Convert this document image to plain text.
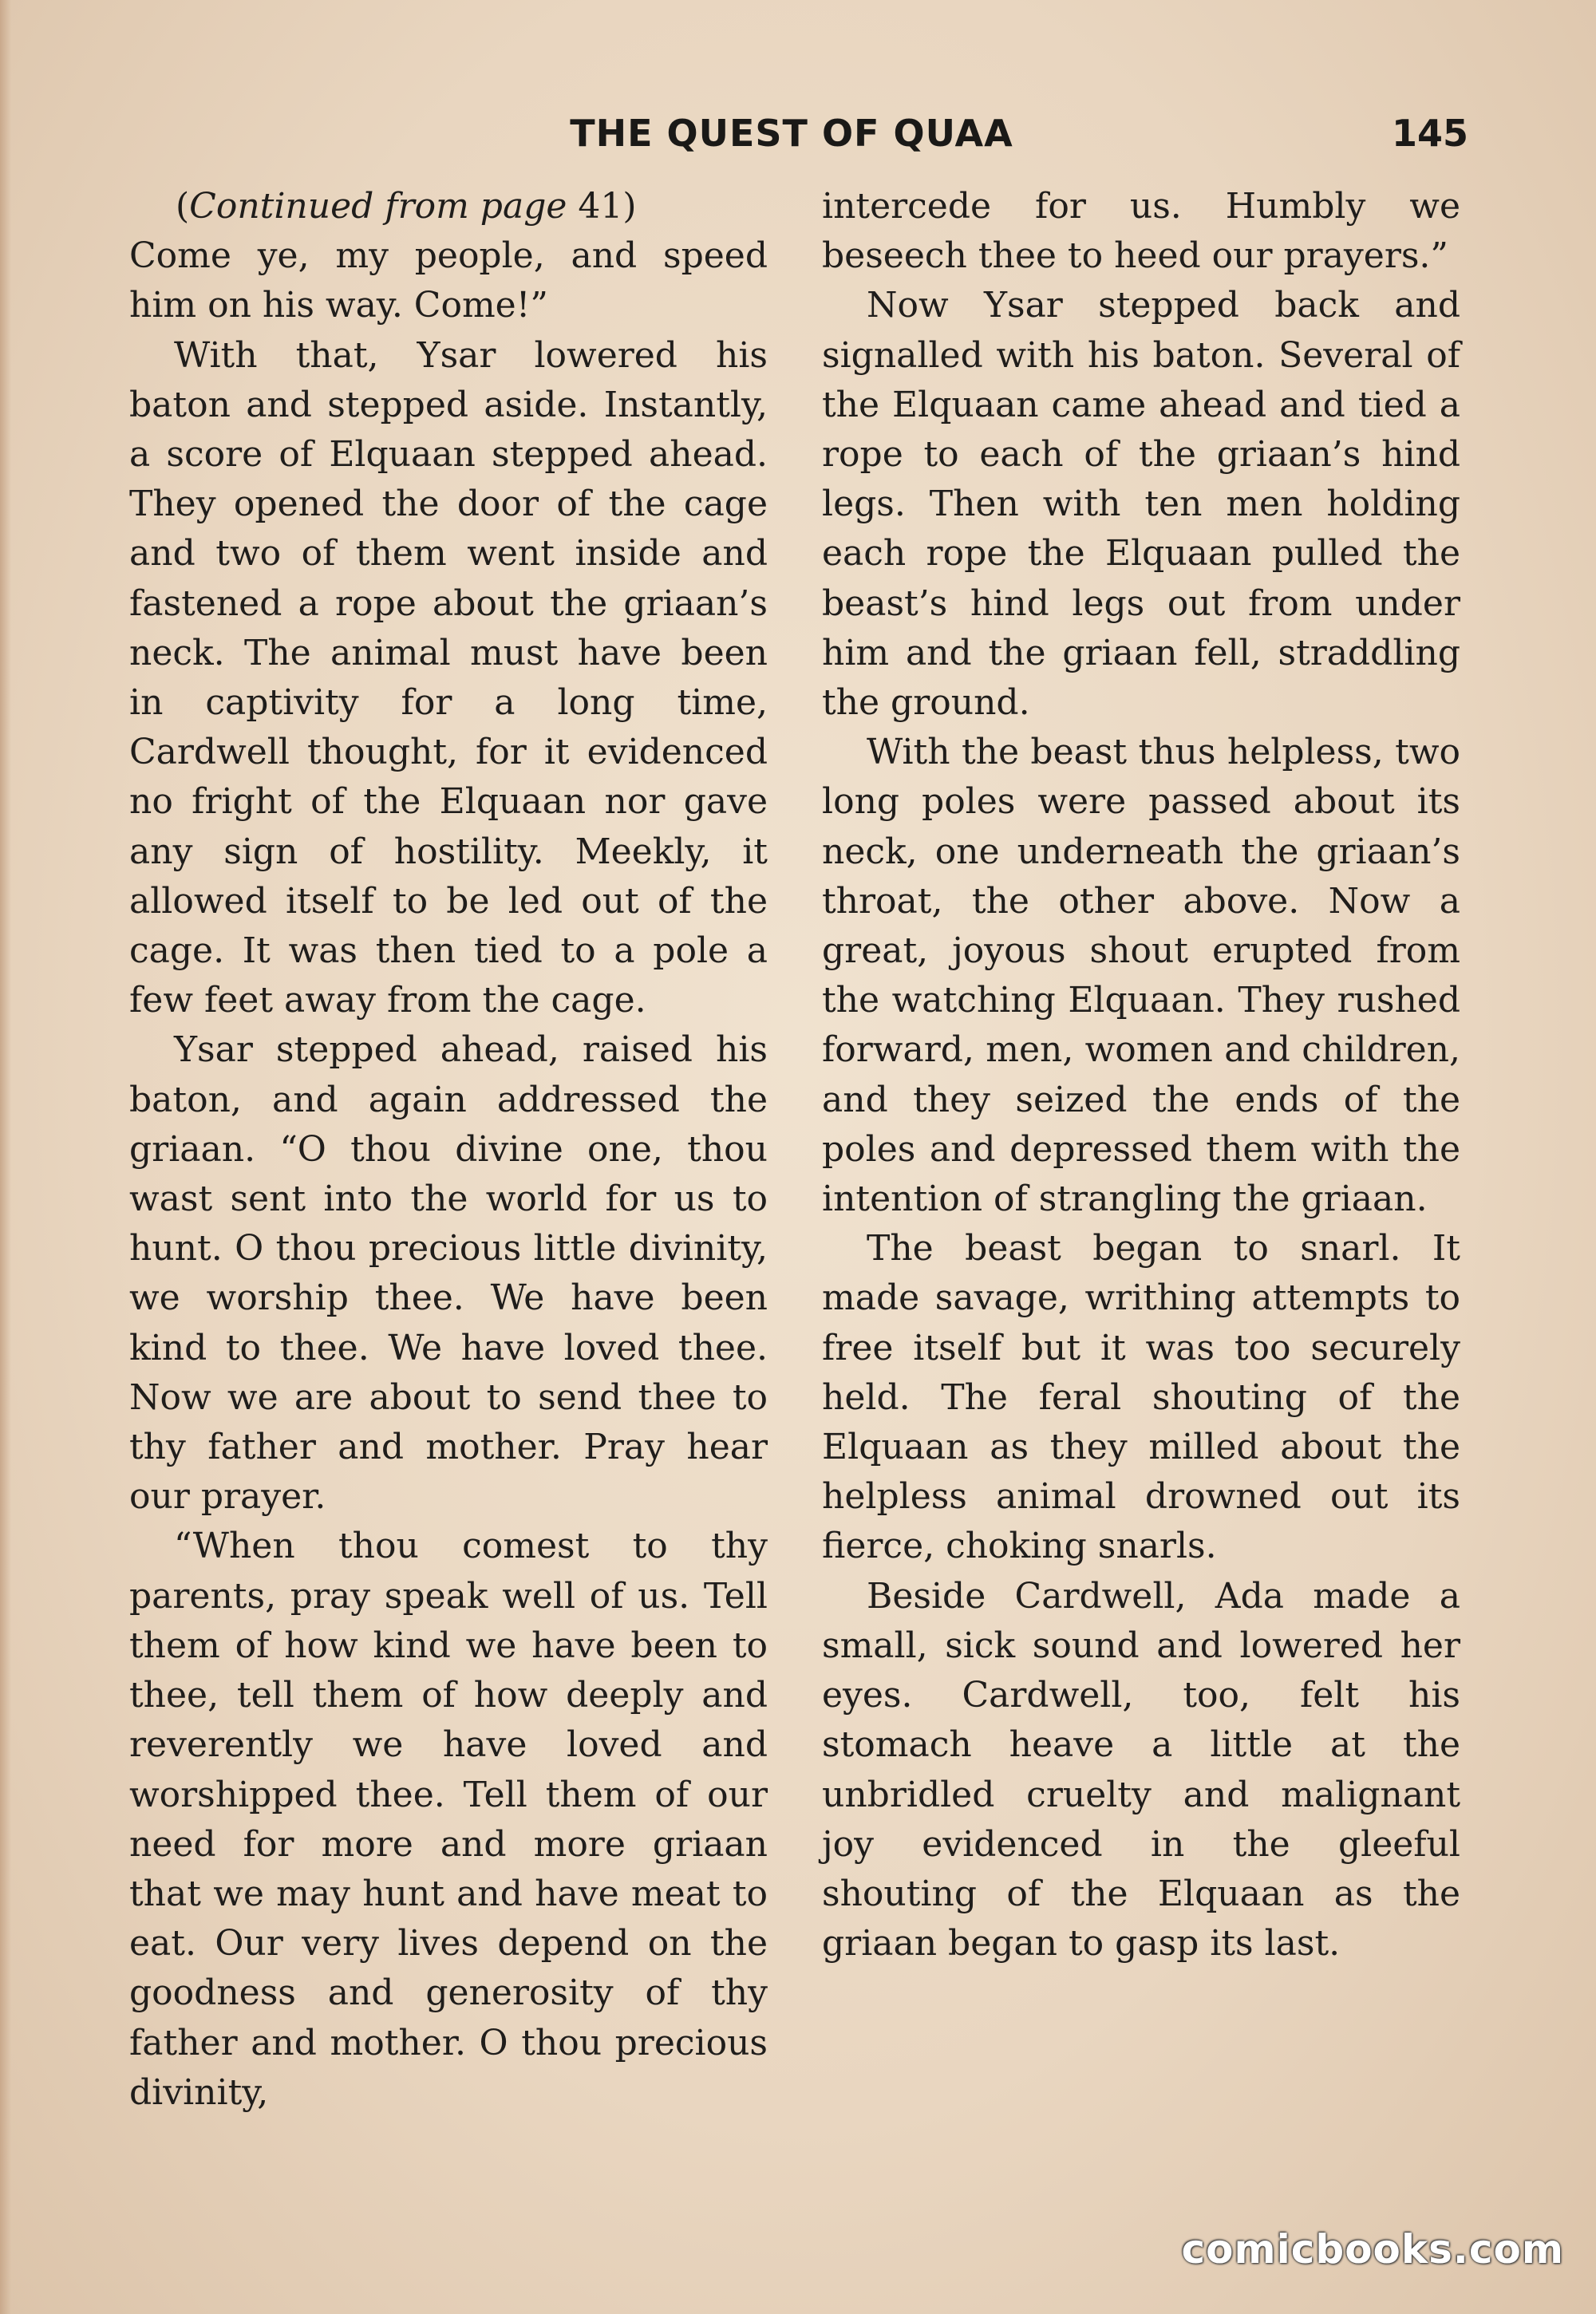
THE QUEST OF QUAA	145

(Continued from page 41)

Come ye, my people, and speed him on his way. Come!”

With that, Ysar lowered his baton and stepped aside. Instantly, a score of Elquaan stepped ahead. They opened the door of the cage and two of them went inside and fastened a rope about the griaan’s neck. The animal must have been in captivity for a long time, Cardwell thought, for it evidenced no fright of the Elquaan nor gave any sign of hostility. Meekly, it allowed itself to be led out of the cage. It was then tied to a pole a few feet away from the cage.

Ysar stepped ahead, raised his baton, and again addressed the griaan. “O thou divine one, thou wast sent into the world for us to hunt. O thou precious little divinity, we worship thee. We have been kind to thee. We have loved thee. Now we are about to send thee to thy father and mother. Pray hear our prayer.

“When thou comest to thy parents, pray speak well of us. Tell them of how kind we have been to thee, tell them of how deeply and reverently we have loved and worshipped thee. Tell them of our need for more and more griaan that we may hunt and have meat to eat. Our very lives depend on the goodness and generosity of thy father and mother. O thou precious divinity,

intercede for us. Humbly we beseech thee to heed our prayers.”

Now Ysar stepped back and signalled with his baton. Several of the Elquaan came ahead and tied a rope to each of the griaan’s hind legs. Then with ten men holding each rope the Elquaan pulled the beast’s hind legs out from under him and the griaan fell, straddling the ground.

With the beast thus helpless, two long poles were passed about its neck, one underneath the griaan’s throat, the other above. Now a great, joyous shout erupted from the watching Elquaan. They rushed forward, men, women and children, and they seized the ends of the poles and depressed them with the intention of strangling the griaan.

The beast began to snarl. It made savage, writhing attempts to free itself but it was too securely held. The feral shouting of the Elquaan as they milled about the helpless animal drowned out its fierce, choking snarls.

Beside Cardwell, Ada made a small, sick sound and lowered her eyes. Cardwell, too, felt his stomach heave a little at the unbridled cruelty and malignant joy evidenced in the gleeful shouting of the Elquaan as the griaan began to gasp its last.

comicbooks.com
